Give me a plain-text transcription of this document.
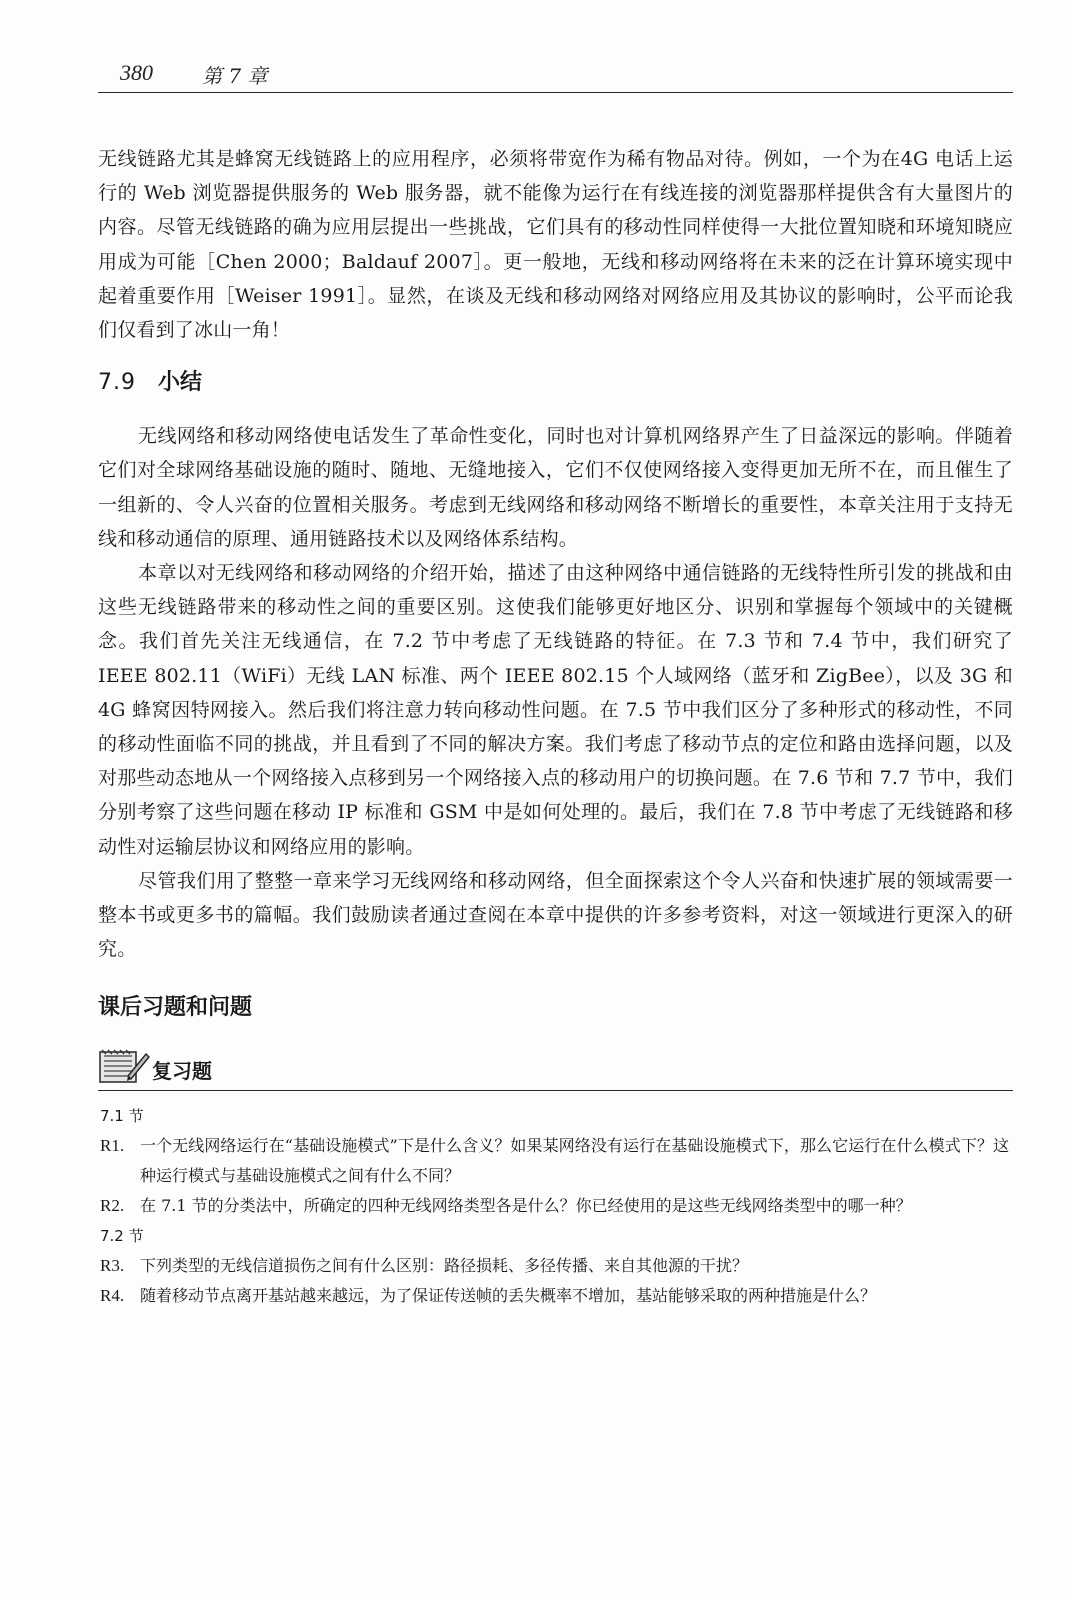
380 第 7 章

无线链路尤其是蜂窝无线链路上的应用程序，必须将带宽作为稀有物品对待。例如，一个为在4G 电话上运行的 Web 浏览器提供服务的 Web 服务器，就不能像为运行在有线连接的浏览器那样提供含有大量图片的内容。尽管无线链路的确为应用层提出一些挑战，它们具有的移动性同样使得一大批位置知晓和环境知晓应用成为可能［Chen 2000；Baldauf 2007］。更一般地，无线和移动网络将在未来的泛在计算环境实现中起着重要作用［Weiser 1991］。显然，在谈及无线和移动网络对网络应用及其协议的影响时，公平而论我们仅看到了冰山一角！

7.9 小结

无线网络和移动网络使电话发生了革命性变化，同时也对计算机网络界产生了日益深远的影响。伴随着它们对全球网络基础设施的随时、随地、无缝地接入，它们不仅使网络接入变得更加无所不在，而且催生了一组新的、令人兴奋的位置相关服务。考虑到无线网络和移动网络不断增长的重要性，本章关注用于支持无线和移动通信的原理、通用链路技术以及网络体系结构。

本章以对无线网络和移动网络的介绍开始，描述了由这种网络中通信链路的无线特性所引发的挑战和由这些无线链路带来的移动性之间的重要区别。这使我们能够更好地区分、识别和掌握每个领域中的关键概念。我们首先关注无线通信，在 7.2 节中考虑了无线链路的特征。在 7.3 节和 7.4 节中，我们研究了 IEEE 802.11（WiFi）无线 LAN 标准、两个 IEEE 802.15 个人域网络（蓝牙和 ZigBee），以及 3G 和 4G 蜂窝因特网接入。然后我们将注意力转向移动性问题。在 7.5 节中我们区分了多种形式的移动性，不同的移动性面临不同的挑战，并且看到了不同的解决方案。我们考虑了移动节点的定位和路由选择问题，以及对那些动态地从一个网络接入点移到另一个网络接入点的移动用户的切换问题。在 7.6 节和 7.7 节中，我们分别考察了这些问题在移动 IP 标准和 GSM 中是如何处理的。最后，我们在 7.8 节中考虑了无线链路和移动性对运输层协议和网络应用的影响。

尽管我们用了整整一章来学习无线网络和移动网络，但全面探索这个令人兴奋和快速扩展的领域需要一整本书或更多书的篇幅。我们鼓励读者通过查阅在本章中提供的许多参考资料，对这一领域进行更深入的研究。

课后习题和问题
复习题
7.1 节
R1. 一个无线网络运行在“基础设施模式”下是什么含义？如果某网络没有运行在基础设施模式下，那么它运行在什么模式下？这种运行模式与基础设施模式之间有什么不同？
R2. 在 7.1 节的分类法中，所确定的四种无线网络类型各是什么？你已经使用的是这些无线网络类型中的哪一种？
7.2 节
R3. 下列类型的无线信道损伤之间有什么区别：路径损耗、多径传播、来自其他源的干扰？
R4. 随着移动节点离开基站越来越远，为了保证传送帧的丢失概率不增加，基站能够采取的两种措施是什么？
